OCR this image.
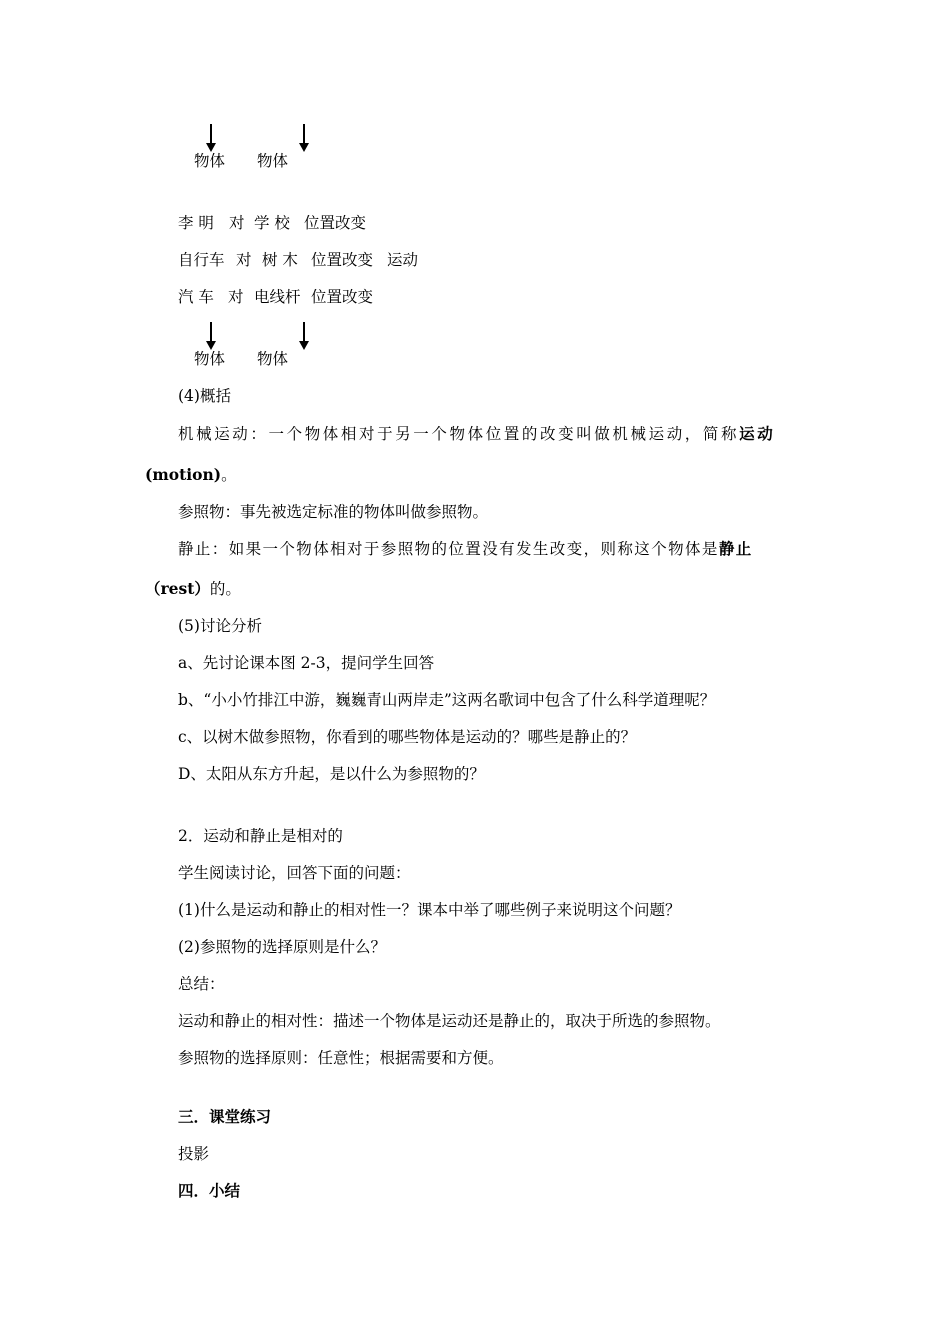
物体 物体
李 明 对 学 校 位置改变
自行车 对 树 木 位置改变 运动
汽 车 对 电线杆 位置改变
物体 物体
(4)概括
机械运动：一个物体相对于另一个物体位置的改变叫做机械运动，简称运动
(motion)。
参照物：事先被选定标准的物体叫做参照物。
静止：如果一个物体相对于参照物的位置没有发生改变，则称这个物体是静止
（rest）的。
(5)讨论分析
a、先讨论课本图 2-3，提问学生回答
b、“小小竹排江中游，巍巍青山两岸走”这两名歌词中包含了什么科学道理呢？
c、以树木做参照物，你看到的哪些物体是运动的？哪些是静止的？
D、太阳从东方升起，是以什么为参照物的？
2．运动和静止是相对的
学生阅读讨论，回答下面的问题：
(1)什么是运动和静止的相对性一？课本中举了哪些例子来说明这个问题？
(2)参照物的选择原则是什么？
总结：
运动和静止的相对性：描述一个物体是运动还是静止的，取决于所选的参照物。
参照物的选择原则：任意性；根据需要和方便。
三．课堂练习
投影
四．小结
